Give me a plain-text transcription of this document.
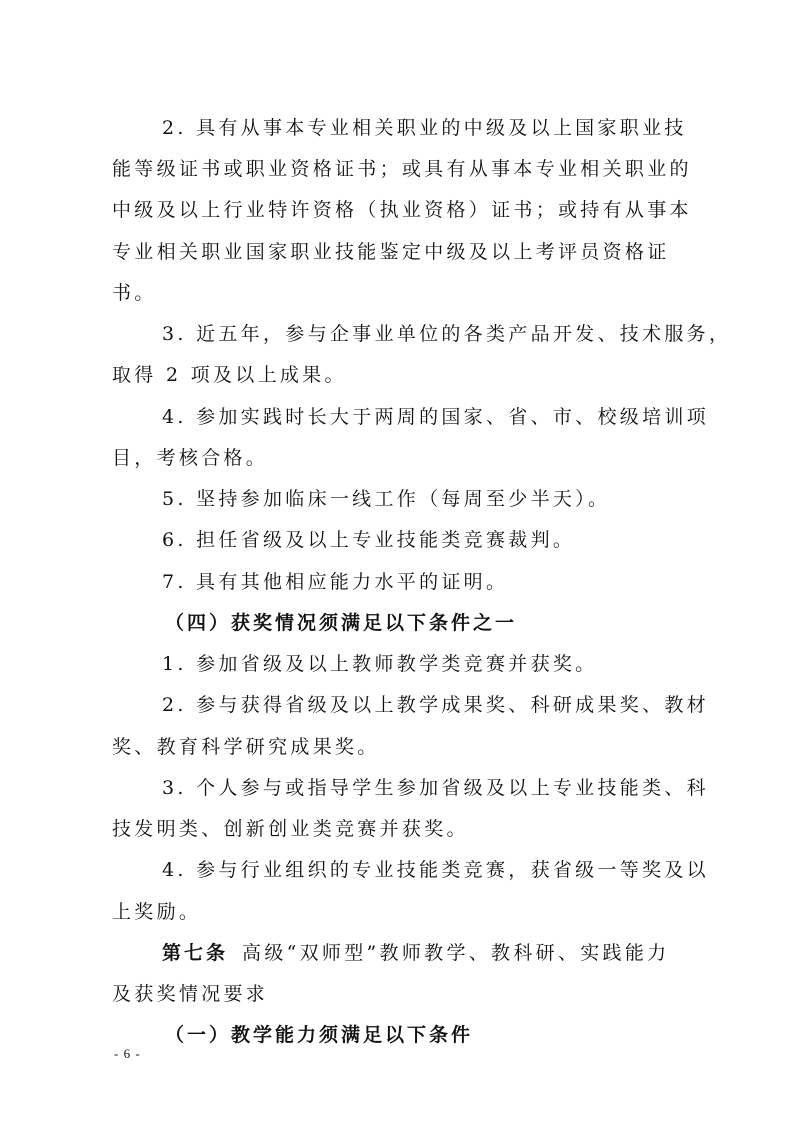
2. 具有从事本专业相关职业的中级及以上国家职业技
能等级证书或职业资格证书；或具有从事本专业相关职业的
中级及以上行业特许资格（执业资格）证书；或持有从事本
专业相关职业国家职业技能鉴定中级及以上考评员资格证
书。
3. 近五年，参与企事业单位的各类产品开发、技术服务，
取得 2 项及以上成果。
4. 参加实践时长大于两周的国家、省、市、校级培训项
目，考核合格。
5. 坚持参加临床一线工作（每周至少半天）。
6. 担任省级及以上专业技能类竞赛裁判。
7. 具有其他相应能力水平的证明。
（四）获奖情况须满足以下条件之一
1. 参加省级及以上教师教学类竞赛并获奖。
2. 参与获得省级及以上教学成果奖、科研成果奖、教材
奖、教育科学研究成果奖。
3. 个人参与或指导学生参加省级及以上专业技能类、科
技发明类、创新创业类竞赛并获奖。
4. 参与行业组织的专业技能类竞赛，获省级一等奖及以
上奖励。
第七条 高级“双师型”教师教学、教科研、实践能力
及获奖情况要求
（一）教学能力须满足以下条件
- 6 -
